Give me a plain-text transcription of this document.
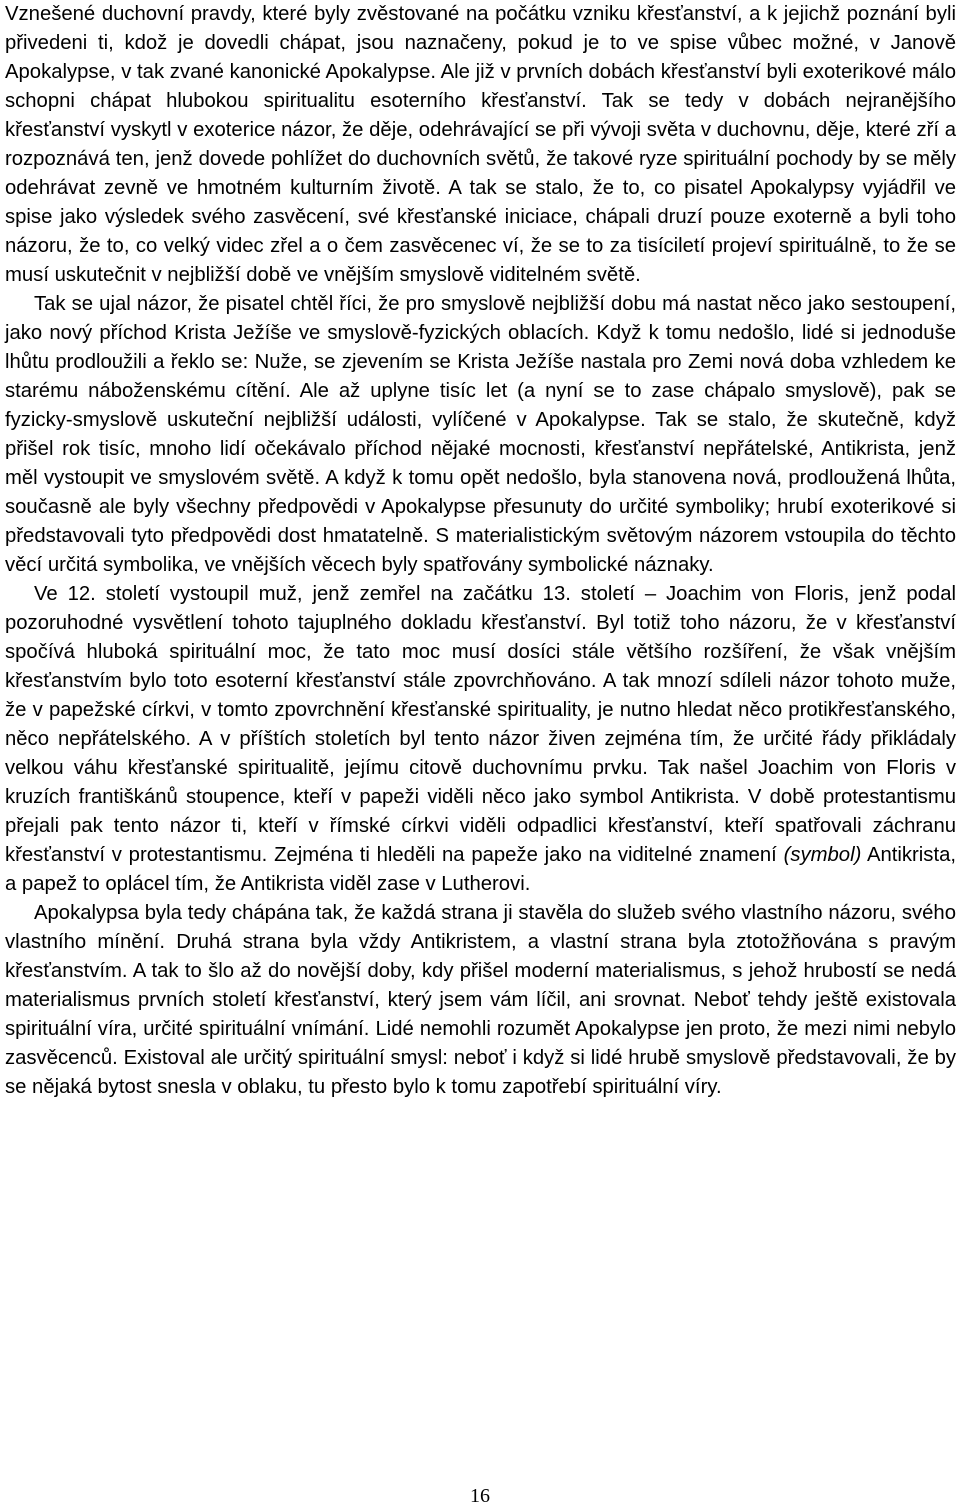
Vznešené duchovní pravdy, které byly zvěstované na počátku vzniku křesťanství, a k jejichž poznání byli přivedeni ti, kdož je dovedli chápat, jsou naznačeny, pokud je to ve spise vůbec možné, v Janově Apokalypse, v tak zvané kanonické Apokalypse. Ale již v prvních dobách křesťanství byli exoterikové málo schopni chápat hlubokou spiritualitu esoterního křesťanství. Tak se tedy v dobách nejranějšího křesťanství vyskytl v exoterice názor, že děje, odehrávající se při vývoji světa v duchovnu, děje, které zří a rozpoznává ten, jenž dovede pohlížet do duchovních světů, že takové ryze spirituální pochody by se měly odehrávat zevně ve hmotném kulturním životě. A tak se stalo, že to, co pisatel Apokalypsy vyjádřil ve spise jako výsledek svého zasvěcení, své křesťanské iniciace, chápali druzí pouze exoterně a byli toho názoru, že to, co velký videc zřel a o čem zasvěcenec ví, že se to za tisíciletí projeví spirituálně, to že se musí uskutečnit v nejbližší době ve vnějším smyslově viditelném světě.

Tak se ujal názor, že pisatel chtěl říci, že pro smyslově nejbližší dobu má nastat něco jako sestoupení, jako nový příchod Krista Ježíše ve smyslově-fyzických oblacích. Když k tomu nedošlo, lidé si jednoduše lhůtu prodloužili a řeklo se: Nuže, se zjevením se Krista Ježíše nastala pro Zemi nová doba vzhledem ke starému náboženskému cítění. Ale až uplyne tisíc let (a nyní se to zase chápalo smyslově), pak se fyzicky-smyslově uskuteční nejbližší události, vylíčené v Apokalypse. Tak se stalo, že skutečně, když přišel rok tisíc, mnoho lidí očekávalo příchod nějaké mocnosti, křesťanství nepřátelské, Antikrista, jenž měl vystoupit ve smyslovém světě. A když k tomu opět nedošlo, byla stanovena nová, prodloužená lhůta, současně ale byly všechny předpovědi v Apokalypse přesunuty do určité symboliky; hrubí exoterikové si představovali tyto předpovědi dost hmatatelně. S materialistickým světovým názorem vstoupila do těchto věcí určitá symbolika, ve vnějších věcech byly spatřovány symbolické náznaky.

Ve 12. století vystoupil muž, jenž zemřel na začátku 13. století – Joachim von Floris, jenž podal pozoruhodné vysvětlení tohoto tajuplného dokladu křesťanství. Byl totiž toho názoru, že v křesťanství spočívá hluboká spirituální moc, že tato moc musí dosíci stále většího rozšíření, že však vnějším křesťanstvím bylo toto esoterní křesťanství stále zpovrchňováno. A tak mnozí sdíleli názor tohoto muže, že v papežské církvi, v tomto zpovrchnění křesťanské spirituality, je nutno hledat něco protikřesťanského, něco nepřátelského. A v příštích stoletích byl tento názor živen zejména tím, že určité řády přikládaly velkou váhu křesťanské spiritualitě, jejímu citově duchovnímu prvku. Tak našel Joachim von Floris v kruzích františkánů stoupence, kteří v papeži viděli něco jako symbol Antikrista. V době protestantismu přejali pak tento názor ti, kteří v římské církvi viděli odpadlici křesťanství, kteří spatřovali záchranu křesťanství v protestantismu. Zejména ti hleděli na papeže jako na viditelné znamení (symbol) Antikrista, a papež to oplácel tím, že Antikrista viděl zase v Lutherovi.

Apokalypsa byla tedy chápána tak, že každá strana ji stavěla do služeb svého vlastního názoru, svého vlastního mínění. Druhá strana byla vždy Antikristem, a vlastní strana byla ztotožňována s pravým křesťanstvím. A tak to šlo až do novější doby, kdy přišel moderní materialismus, s jehož hrubostí se nedá materialismus prvních století křesťanství, který jsem vám líčil, ani srovnat. Neboť tehdy ještě existovala spirituální víra, určité spirituální vnímání. Lidé nemohli rozumět Apokalypse jen proto, že mezi nimi nebylo zasvěcenců. Existoval ale určitý spirituální smysl: neboť i když si lidé hrubě smyslově představovali, že by se nějaká bytost snesla v oblaku, tu přesto bylo k tomu zapotřebí spirituální víry.

16
